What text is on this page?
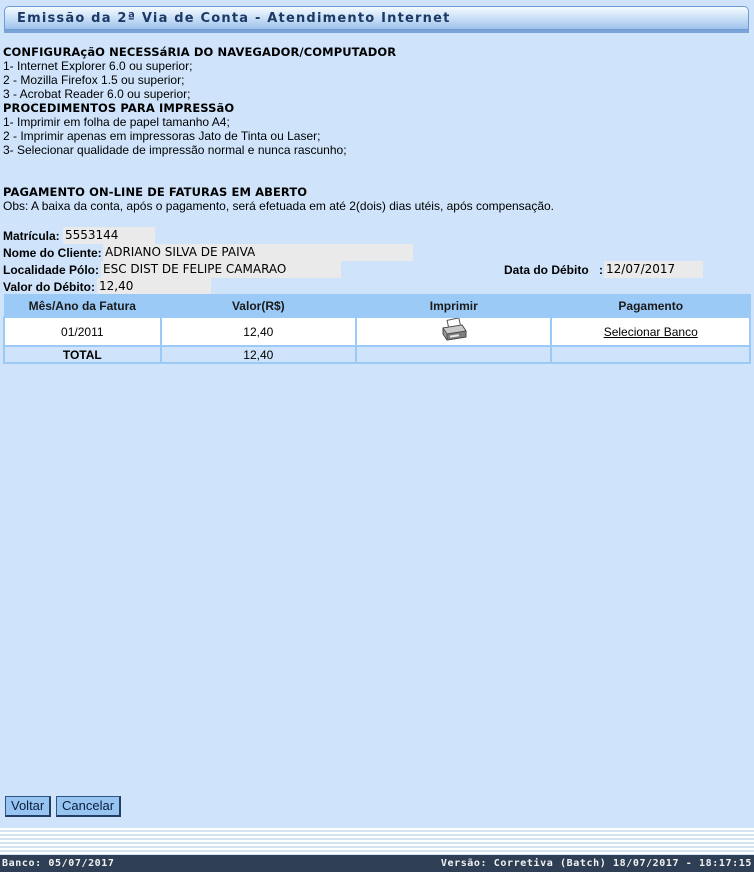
Emissão da 2ª Via de Conta - Atendimento Internet
CONFIGURAçãO NECESSáRIA DO NAVEGADOR/COMPUTADOR
1- Internet Explorer 6.0 ou superior;
2 - Mozilla Firefox 1.5 ou superior;
3 - Acrobat Reader 6.0 ou superior;
PROCEDIMENTOS PARA IMPRESSãO
1- Imprimir em folha de papel tamanho A4;
2 - Imprimir apenas em impressoras Jato de Tinta ou Laser;
3- Selecionar qualidade de impressão normal e nunca rascunho;
PAGAMENTO ON-LINE DE FATURAS EM ABERTO
Obs: A baixa da conta, após o pagamento, será efetuada em até 2(dois) dias utéis, após compensação.
Matrícula: 5553144
Nome do Cliente: ADRIANO SILVA DE PAIVA
Localidade Pólo: ESC DIST DE FELIPE CAMARAO	Data do Débito : 12/07/2017
Valor do Débito: 12,40
Mês/Ano da Fatura	Valor(R$)	Imprimir	Pagamento
01/2011	12,40		Selecionar Banco
TOTAL	12,40		
Voltar	Cancelar
Banco: 05/07/2017	Versão: Corretiva (Batch) 18/07/2017 - 18:17:15
